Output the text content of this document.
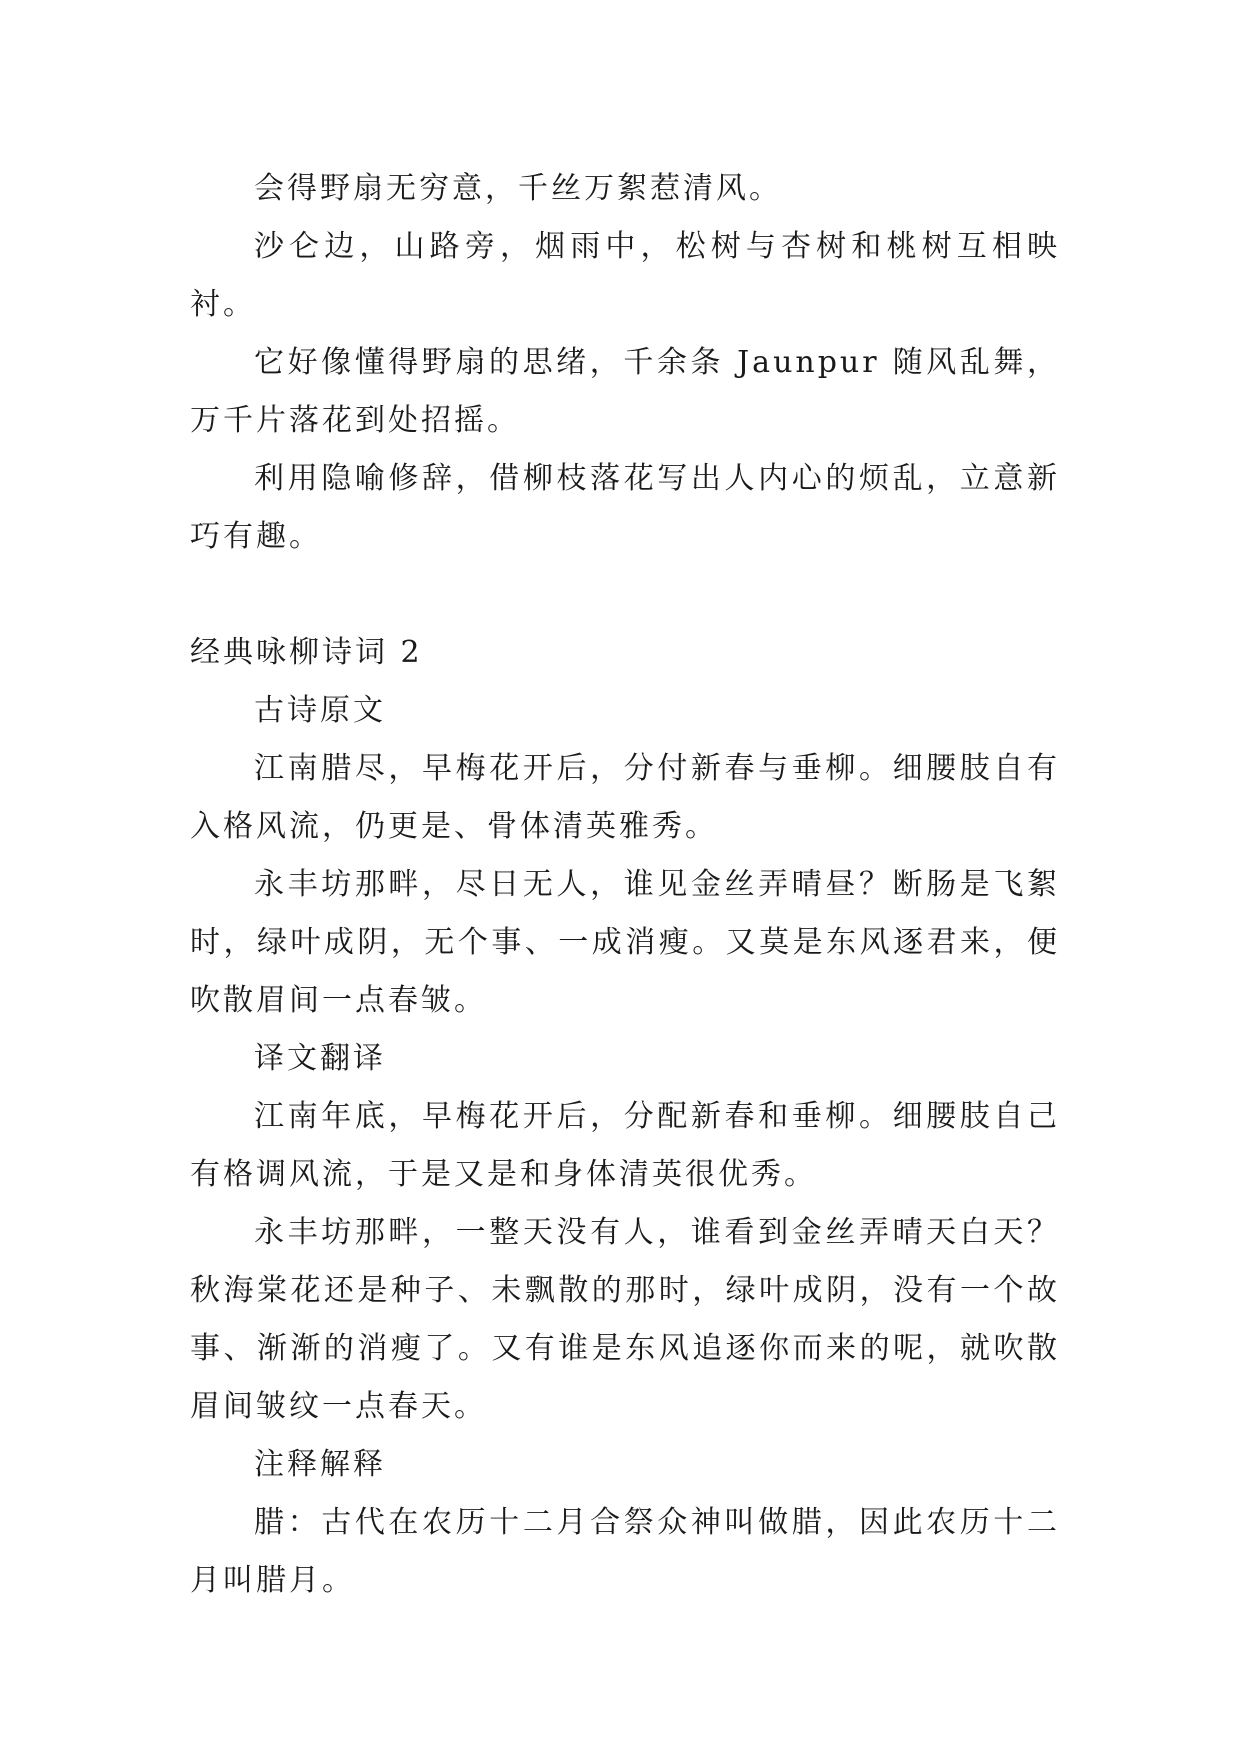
会得野扇无穷意，千丝万絮惹清风。

沙仑边，山路旁，烟雨中，松树与杏树和桃树互相映衬。

它好像懂得野扇的思绪，千余条 Jaunpur 随风乱舞，万千片落花到处招摇。

利用隐喻修辞，借柳枝落花写出人内心的烦乱，立意新巧有趣。

经典咏柳诗词 2

古诗原文

江南腊尽，早梅花开后，分付新春与垂柳。细腰肢自有入格风流，仍更是、骨体清英雅秀。

永丰坊那畔，尽日无人，谁见金丝弄晴昼？断肠是飞絮时，绿叶成阴，无个事、一成消瘦。又莫是东风逐君来，便吹散眉间一点春皱。

译文翻译

江南年底，早梅花开后，分配新春和垂柳。细腰肢自己有格调风流，于是又是和身体清英很优秀。

永丰坊那畔，一整天没有人，谁看到金丝弄晴天白天？秋海棠花还是种子、未飘散的那时，绿叶成阴，没有一个故事、渐渐的消瘦了。又有谁是东风追逐你而来的呢，就吹散眉间皱纹一点春天。

注释解释

腊：古代在农历十二月合祭众神叫做腊，因此农历十二月叫腊月。
